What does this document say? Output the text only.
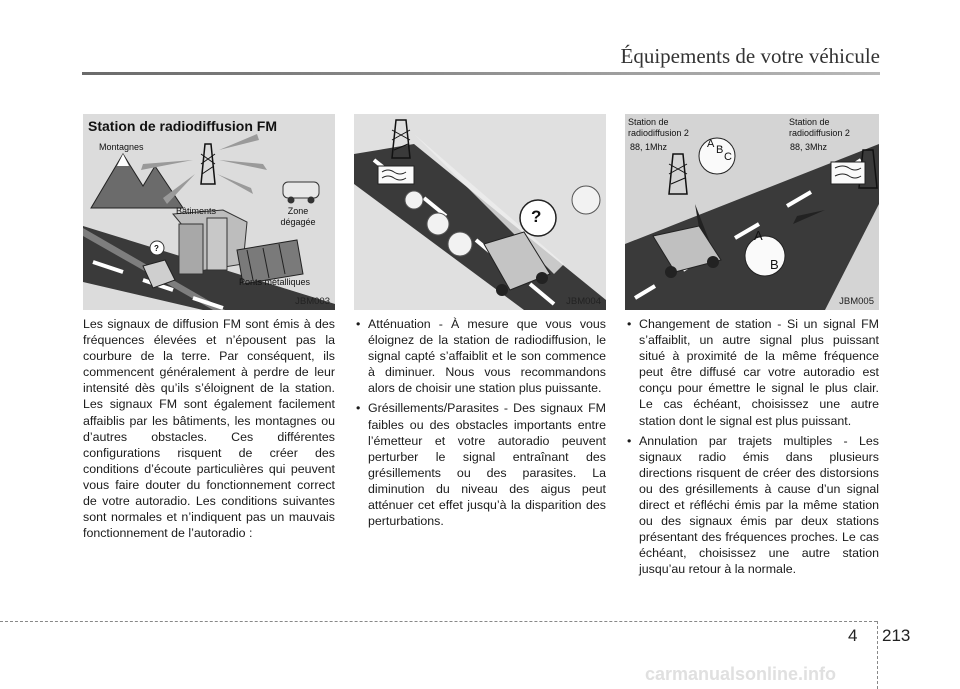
Équipements de votre véhicule
Station de radiodiffusion FM
Montagnes
Bâtiments	Zone
dégagée
Ponts métalliques
?
JBM003
?
JBM004
Station de
radiodiffusion 2
88, 1Mhz
Station de
radiodiffusion 2
88, 3Mhz
A B
C
A
B
JBM005

Les signaux de diffusion FM sont émis à des fréquences élevées et n’épousent pas la courbure de la terre. Par conséquent, ils commencent généralement à perdre de leur intensité dès qu’ils s’éloignent de la station. Les signaux FM sont également facilement affaiblis par les bâtiments, les montagnes ou d’autres obstacles. Ces différentes configurations risquent de créer des conditions d’écoute particulières qui peuvent vous faire douter du fonctionnement correct de votre autoradio. Les conditions suivantes sont normales et n’indiquent pas un mauvais fonctionnement de l’autoradio :

• Atténuation - À mesure que vous vous éloignez de la station de radiodiffusion, le signal capté s’affaiblit et le son commence à diminuer. Nous vous recommandons alors de choisir une station plus puissante.
• Grésillements/Parasites - Des signaux FM faibles ou des obstacles importants entre l’émetteur et votre autoradio peuvent perturber le signal entraînant des grésillements ou des parasites. La diminution du niveau des aigus peut atténuer cet effet jusqu’à la disparition des perturbations.
• Changement de station - Si un signal FM s’affaiblit, un autre signal plus puissant situé à proximité de la même fréquence peut être diffusé car votre autoradio est conçu pour émettre le signal le plus clair. Le cas échéant, choisissez une autre station dont le signal est plus puissant.
• Annulation par trajets multiples - Les signaux radio émis dans plusieurs directions risquent de créer des distorsions ou des grésillements à cause d’un signal direct et réfléchi émis par la même station ou des signaux émis par deux stations présentant des fréquences proches. Le cas échéant, choisissez une autre station jusqu’au retour à la normale.
4 213
carmanualsonline.info
